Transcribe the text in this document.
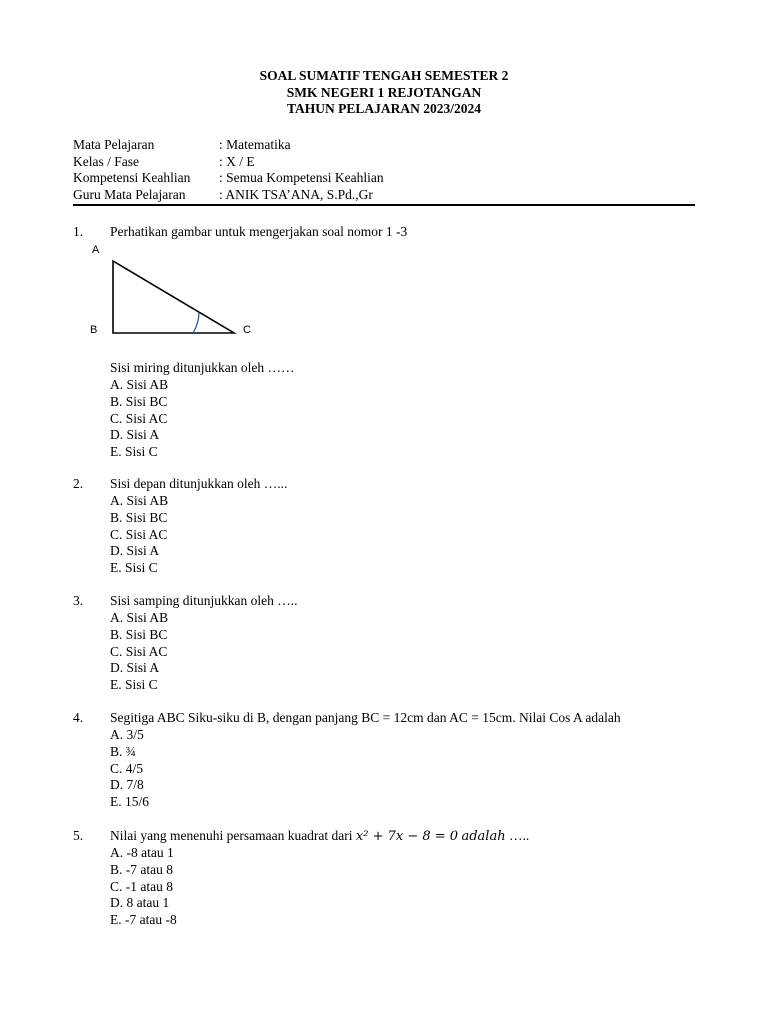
SOAL SUMATIF TENGAH SEMESTER 2
SMK NEGERI 1 REJOTANGAN
TAHUN PELAJARAN 2023/2024
Mata Pelajaran	: Matematika
Kelas / Fase	: X / E
Kompetensi Keahlian	: Semua Kompetensi Keahlian
Guru Mata Pelajaran	: ANIK TSA’ANA, S.Pd.,Gr
1. Perhatikan gambar untuk mengerjakan soal nomor 1 -3
A
B	C
Sisi miring ditunjukkan oleh ……
A. Sisi AB
B. Sisi BC
C. Sisi AC
D. Sisi A
E. Sisi C
2. Sisi depan ditunjukkan oleh …...
A. Sisi AB
B. Sisi BC
C. Sisi AC
D. Sisi A
E. Sisi C
3. Sisi samping ditunjukkan oleh …..
A. Sisi AB
B. Sisi BC
C. Sisi AC
D. Sisi A
E. Sisi C
4. Segitiga ABC Siku-siku di B, dengan panjang BC = 12cm dan AC = 15cm. Nilai Cos A adalah
A. 3/5
B. ¾
C. 4/5
D. 7/8
E. 15/6
5. Nilai yang menenuhi persamaan kuadrat dari x² + 7x − 8 = 0 adalah …..
A. -8 atau 1
B. -7 atau 8
C. -1 atau 8
D. 8 atau 1
E. -7 atau -8
